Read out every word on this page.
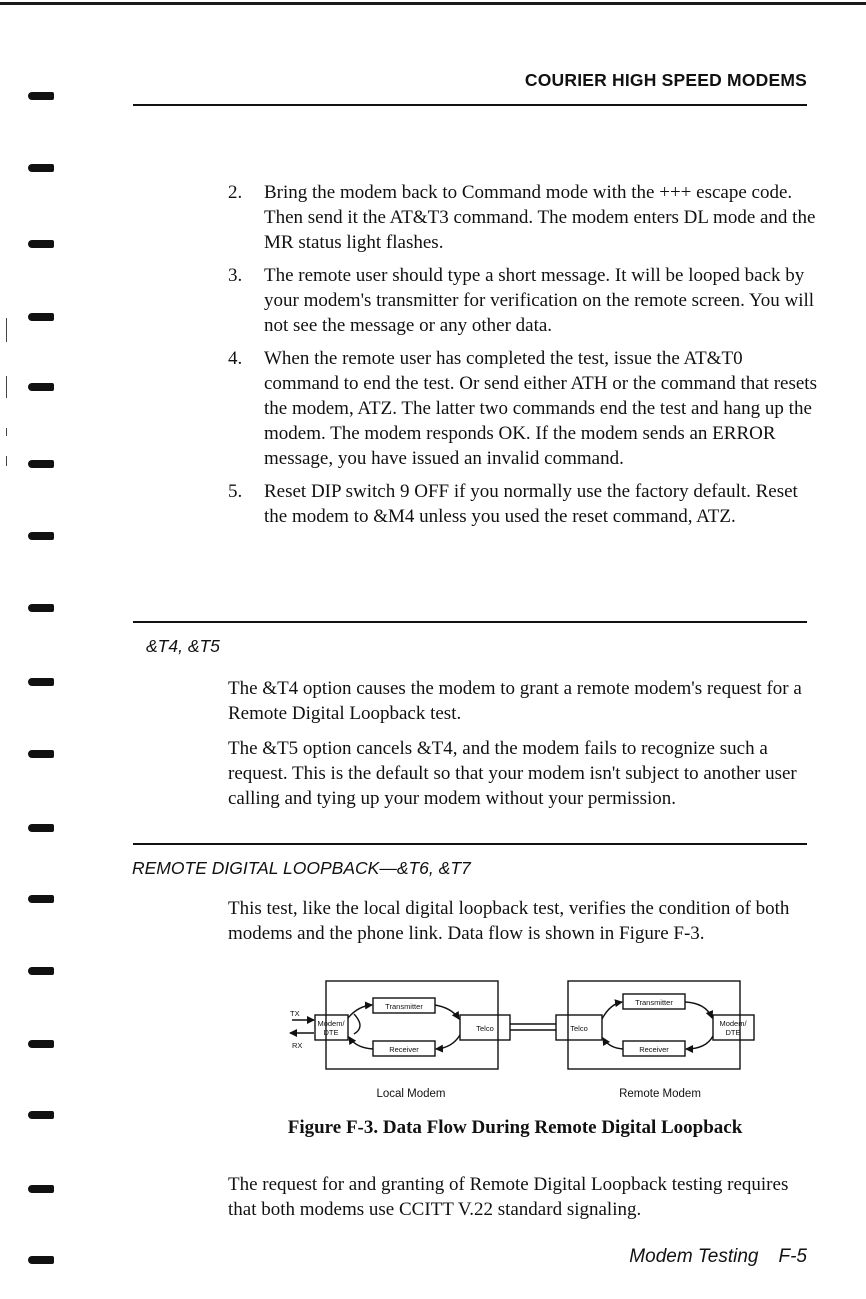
COURIER HIGH SPEED MODEMS
2. Bring the modem back to Command mode with the +++ escape code. Then send it the AT&T3 command. The modem enters DL mode and the MR status light flashes.
3. The remote user should type a short message. It will be looped back by your modem's transmitter for verification on the remote screen. You will not see the message or any other data.
4. When the remote user has completed the test, issue the AT&T0 command to end the test. Or send either ATH or the command that resets the modem, ATZ. The latter two commands end the test and hang up the modem. The modem responds OK. If the modem sends an ERROR message, you have issued an invalid command.
5. Reset DIP switch 9 OFF if you normally use the factory default. Reset the modem to &M4 unless you used the reset command, ATZ.
&T4, &T5

The &T4 option causes the modem to grant a remote modem's request for a Remote Digital Loopback test.

The &T5 option cancels &T4, and the modem fails to recognize such a request. This is the default so that your modem isn't subject to another user calling and tying up your modem without your permission.

REMOTE DIGITAL LOOPBACK—&T6, &T7

This test, like the local digital loopback test, verifies the condition of both modems and the phone link. Data flow is shown in Figure F-3.

TX
RX
Modem/ DTE
Transmitter
Receiver
Telco	Telco
Transmitter
Receiver
Modem/ DTE
Local Modem	Remote Modem
Figure F-3. Data Flow During Remote Digital Loopback

The request for and granting of Remote Digital Loopback testing requires that both modems use CCITT V.22 standard signaling.

Modem Testing F-5
